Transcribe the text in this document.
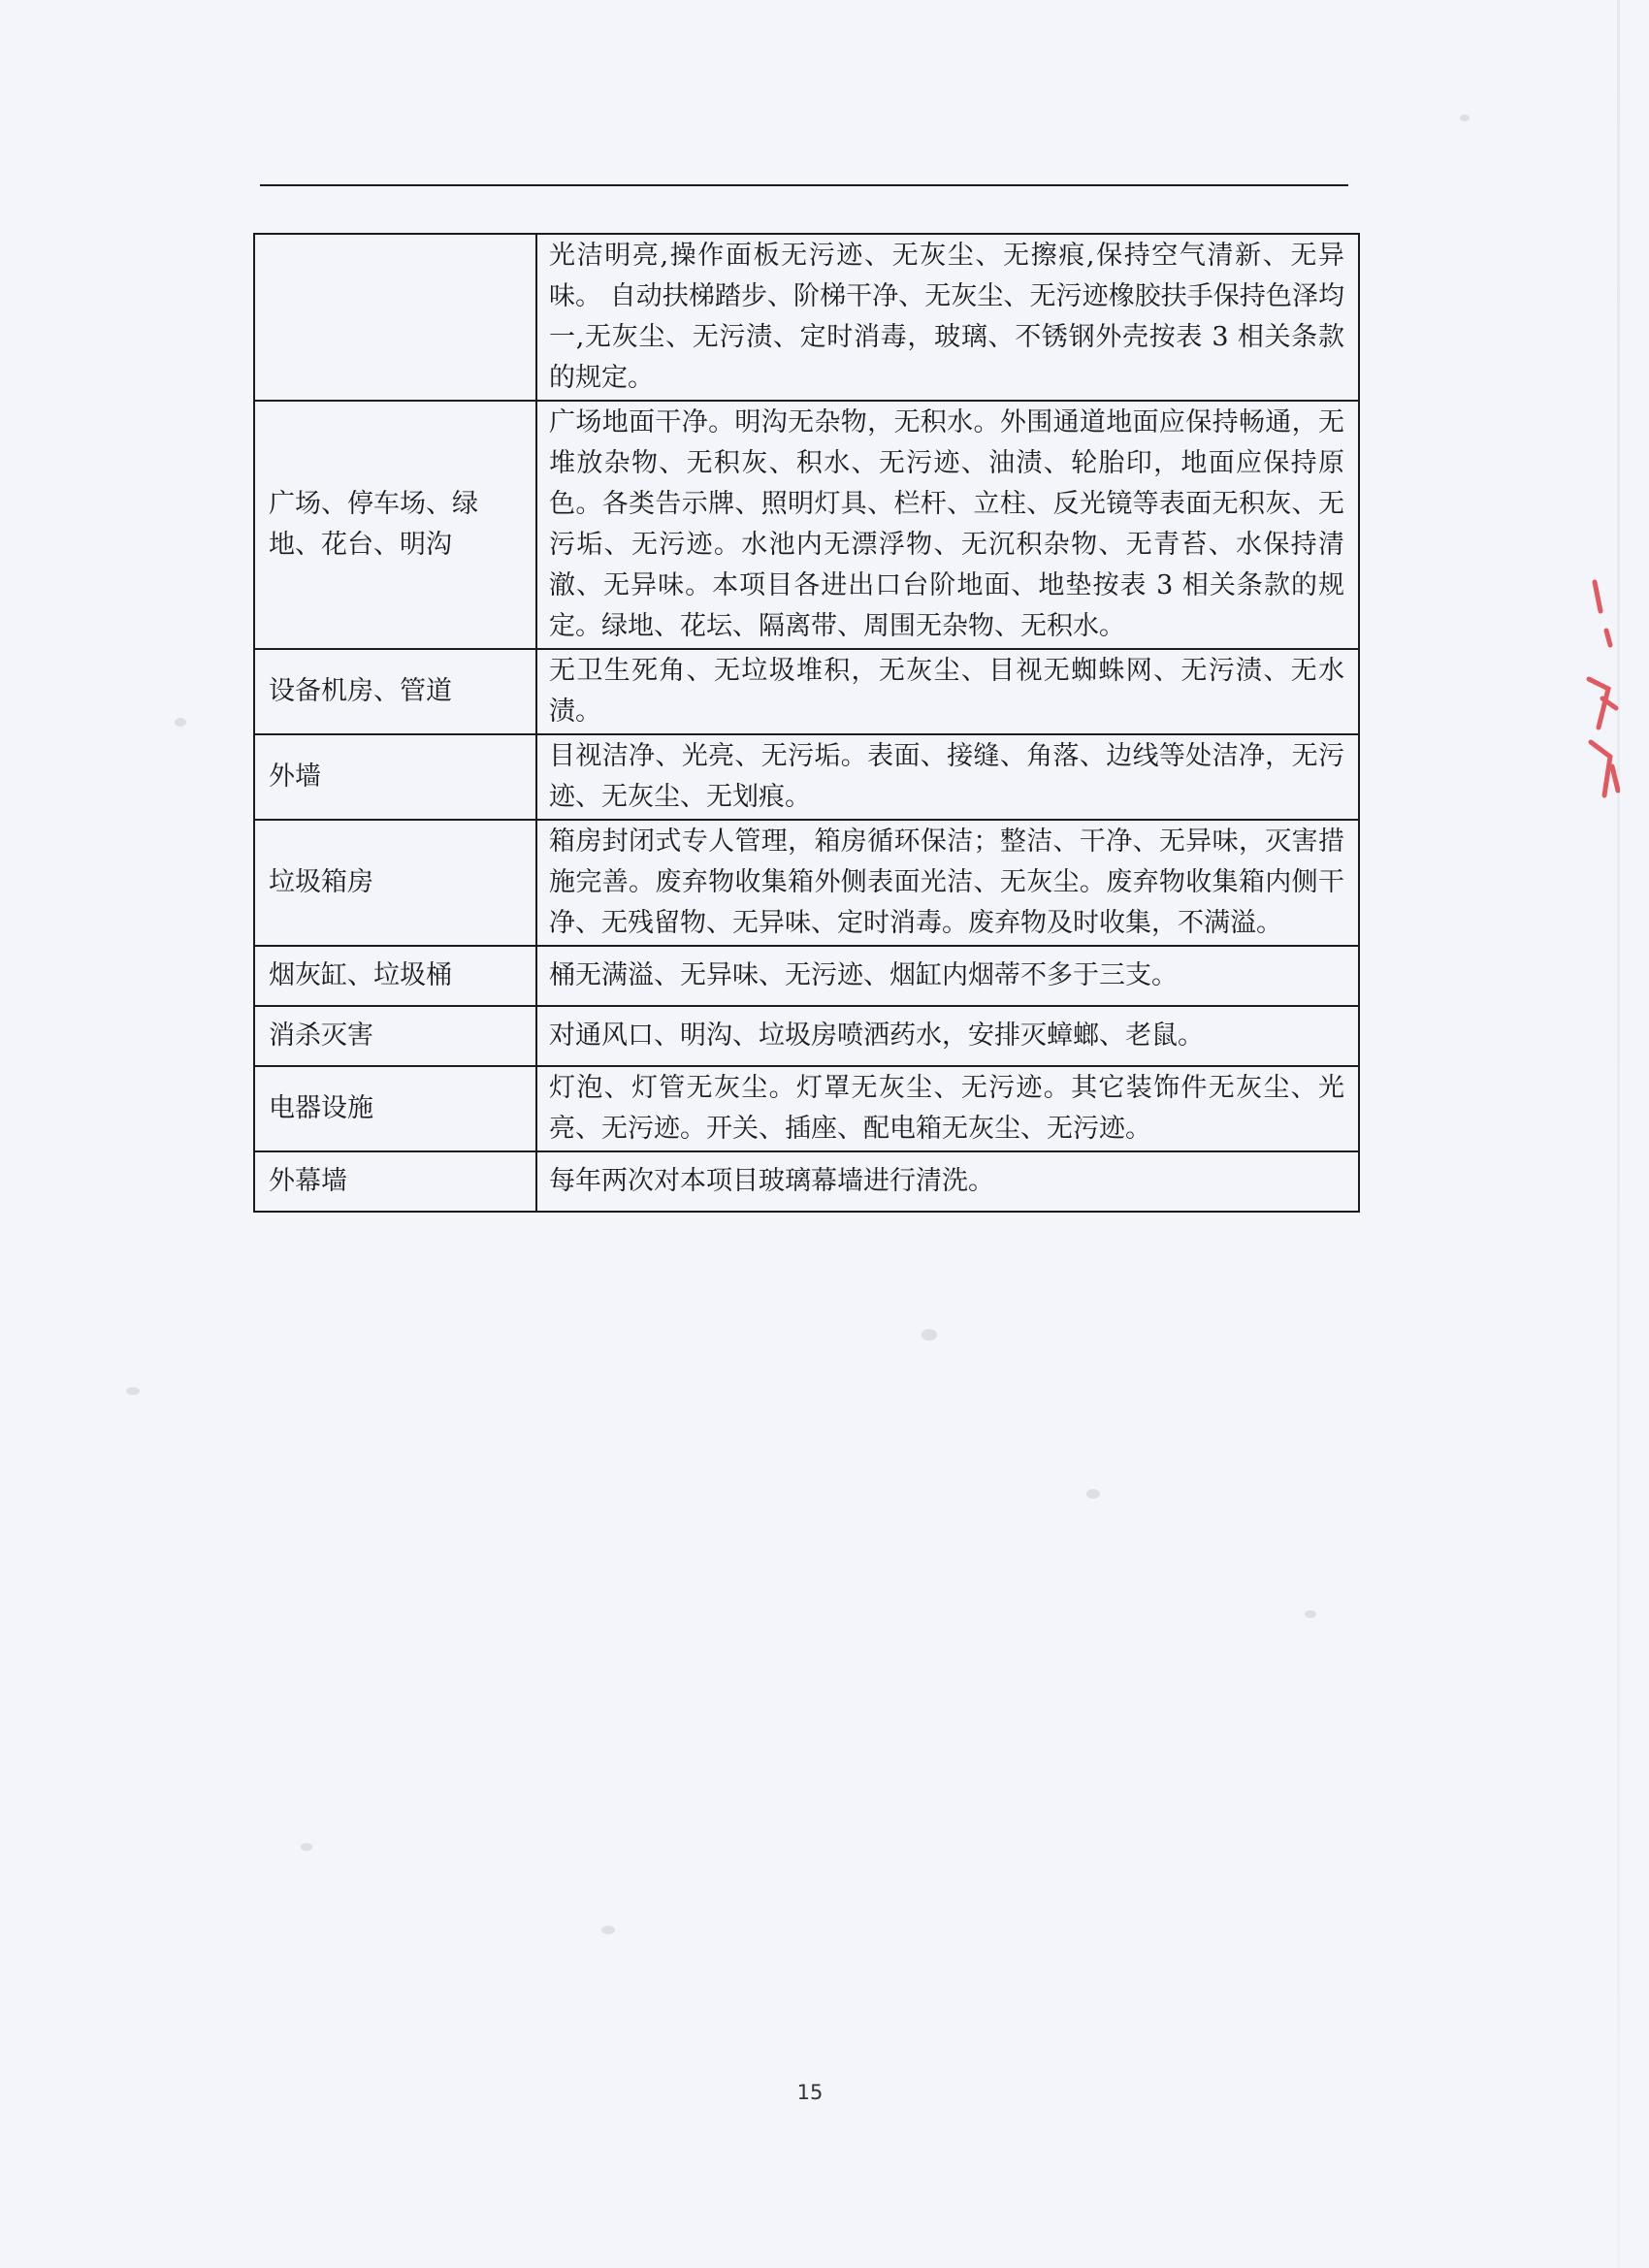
	光洁明亮,操作面板无污迹、无灰尘、无擦痕,保持空气清新、无异味。 自动扶梯踏步、阶梯干净、无灰尘、无污迹橡胶扶手保持色泽均一,无灰尘、无污渍、定时消毒，玻璃、不锈钢外壳按表 3 相关条款的规定。
广场、停车场、绿地、花台、明沟	广场地面干净。明沟无杂物，无积水。外围通道地面应保持畅通，无堆放杂物、无积灰、积水、无污迹、油渍、轮胎印，地面应保持原色。各类告示牌、照明灯具、栏杆、立柱、反光镜等表面无积灰、无污垢、无污迹。水池内无漂浮物、无沉积杂物、无青苔、水保持清澈、无异味。本项目各进出口台阶地面、地垫按表 3 相关条款的规定。绿地、花坛、隔离带、周围无杂物、无积水。
设备机房、管道	无卫生死角、无垃圾堆积，无灰尘、目视无蜘蛛网、无污渍、无水渍。
外墙	目视洁净、光亮、无污垢。表面、接缝、角落、边线等处洁净，无污迹、无灰尘、无划痕。
垃圾箱房	箱房封闭式专人管理，箱房循环保洁；整洁、干净、无异味，灭害措施完善。废弃物收集箱外侧表面光洁、无灰尘。废弃物收集箱内侧干净、无残留物、无异味、定时消毒。废弃物及时收集，不满溢。
烟灰缸、垃圾桶	桶无满溢、无异味、无污迹、烟缸内烟蒂不多于三支。
消杀灭害	对通风口、明沟、垃圾房喷洒药水，安排灭蟑螂、老鼠。
电器设施	灯泡、灯管无灰尘。灯罩无灰尘、无污迹。其它装饰件无灰尘、光亮、无污迹。开关、插座、配电箱无灰尘、无污迹。
外幕墙	每年两次对本项目玻璃幕墙进行清洗。
15
